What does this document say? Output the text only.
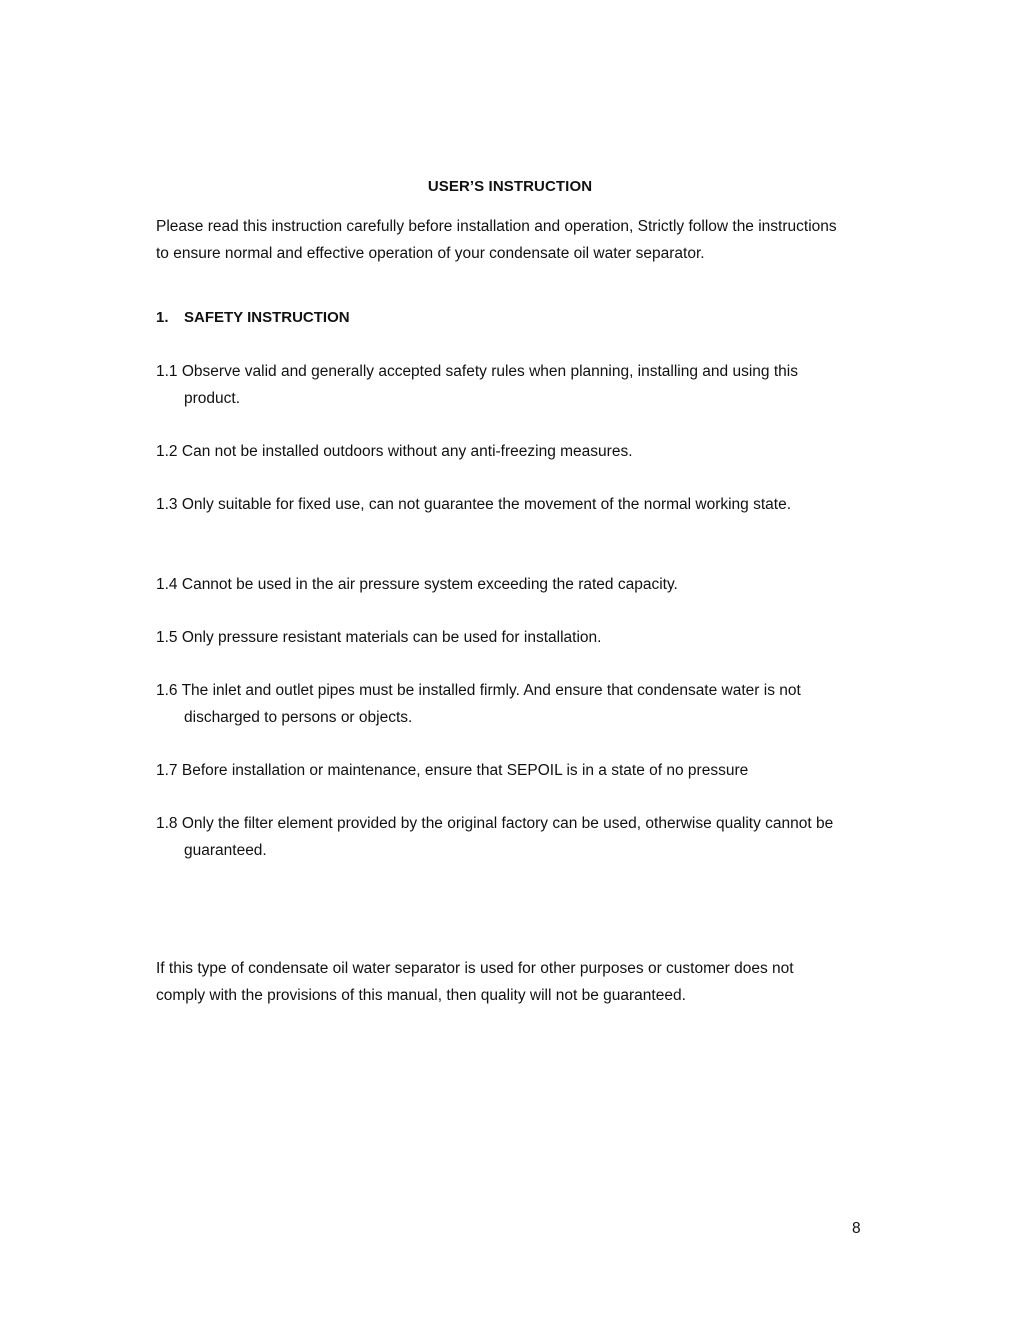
USER’S INSTRUCTION
Please read this instruction carefully before installation and operation, Strictly follow the instructions to ensure normal and effective operation of your condensate oil water separator.
1. SAFETY INSTRUCTION
1.1 Observe valid and generally accepted safety rules when planning, installing and using this product.
1.2 Can not be installed outdoors without any anti-freezing measures.
1.3 Only suitable for fixed use, can not guarantee the movement of the normal working state.
1.4 Cannot be used in the air pressure system exceeding the rated capacity.
1.5 Only pressure resistant materials can be used for installation.
1.6 The inlet and outlet pipes must be installed firmly. And ensure that condensate water is not discharged to persons or objects.
1.7 Before installation or maintenance, ensure that SEPOIL is in a state of no pressure
1.8 Only the filter element provided by the original factory can be used, otherwise quality cannot be guaranteed.
If this type of condensate oil water separator is used for other purposes or customer does not comply with the provisions of this manual, then quality will not be guaranteed.
8
